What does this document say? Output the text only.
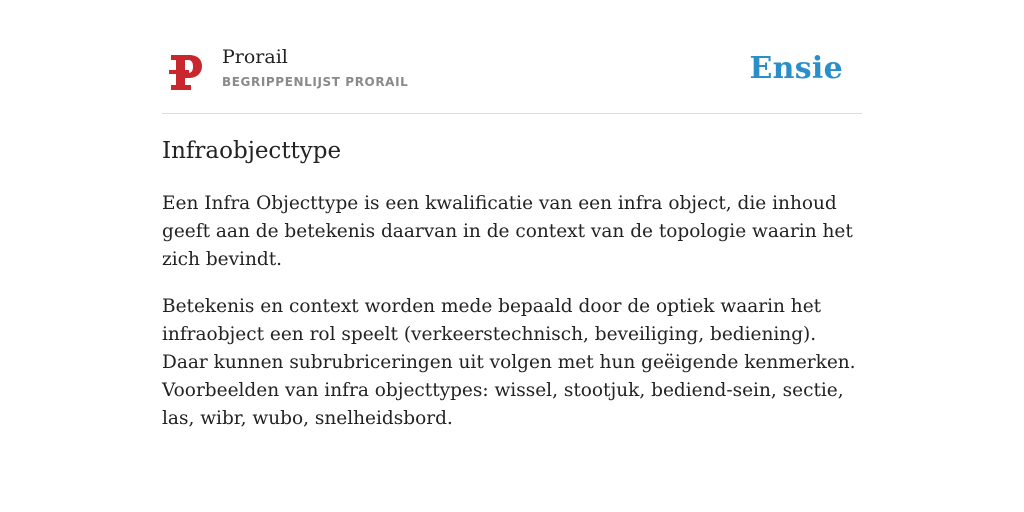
Prorail
BEGRIPPENLIJST PRORAIL	Ensie
Infraobjecttype

Een Infra Objecttype is een kwalificatie van een infra object, die inhoud geeft aan de betekenis daarvan in de context van de topologie waarin het zich bevindt.

Betekenis en context worden mede bepaald door de optiek waarin het infraobject een rol speelt (verkeerstechnisch, beveiliging, bediening). Daar kunnen subrubriceringen uit volgen met hun geëigende kenmerken. Voorbeelden van infra objecttypes: wissel, stootjuk, bediend-sein, sectie, las, wibr, wubo, snelheidsbord.
